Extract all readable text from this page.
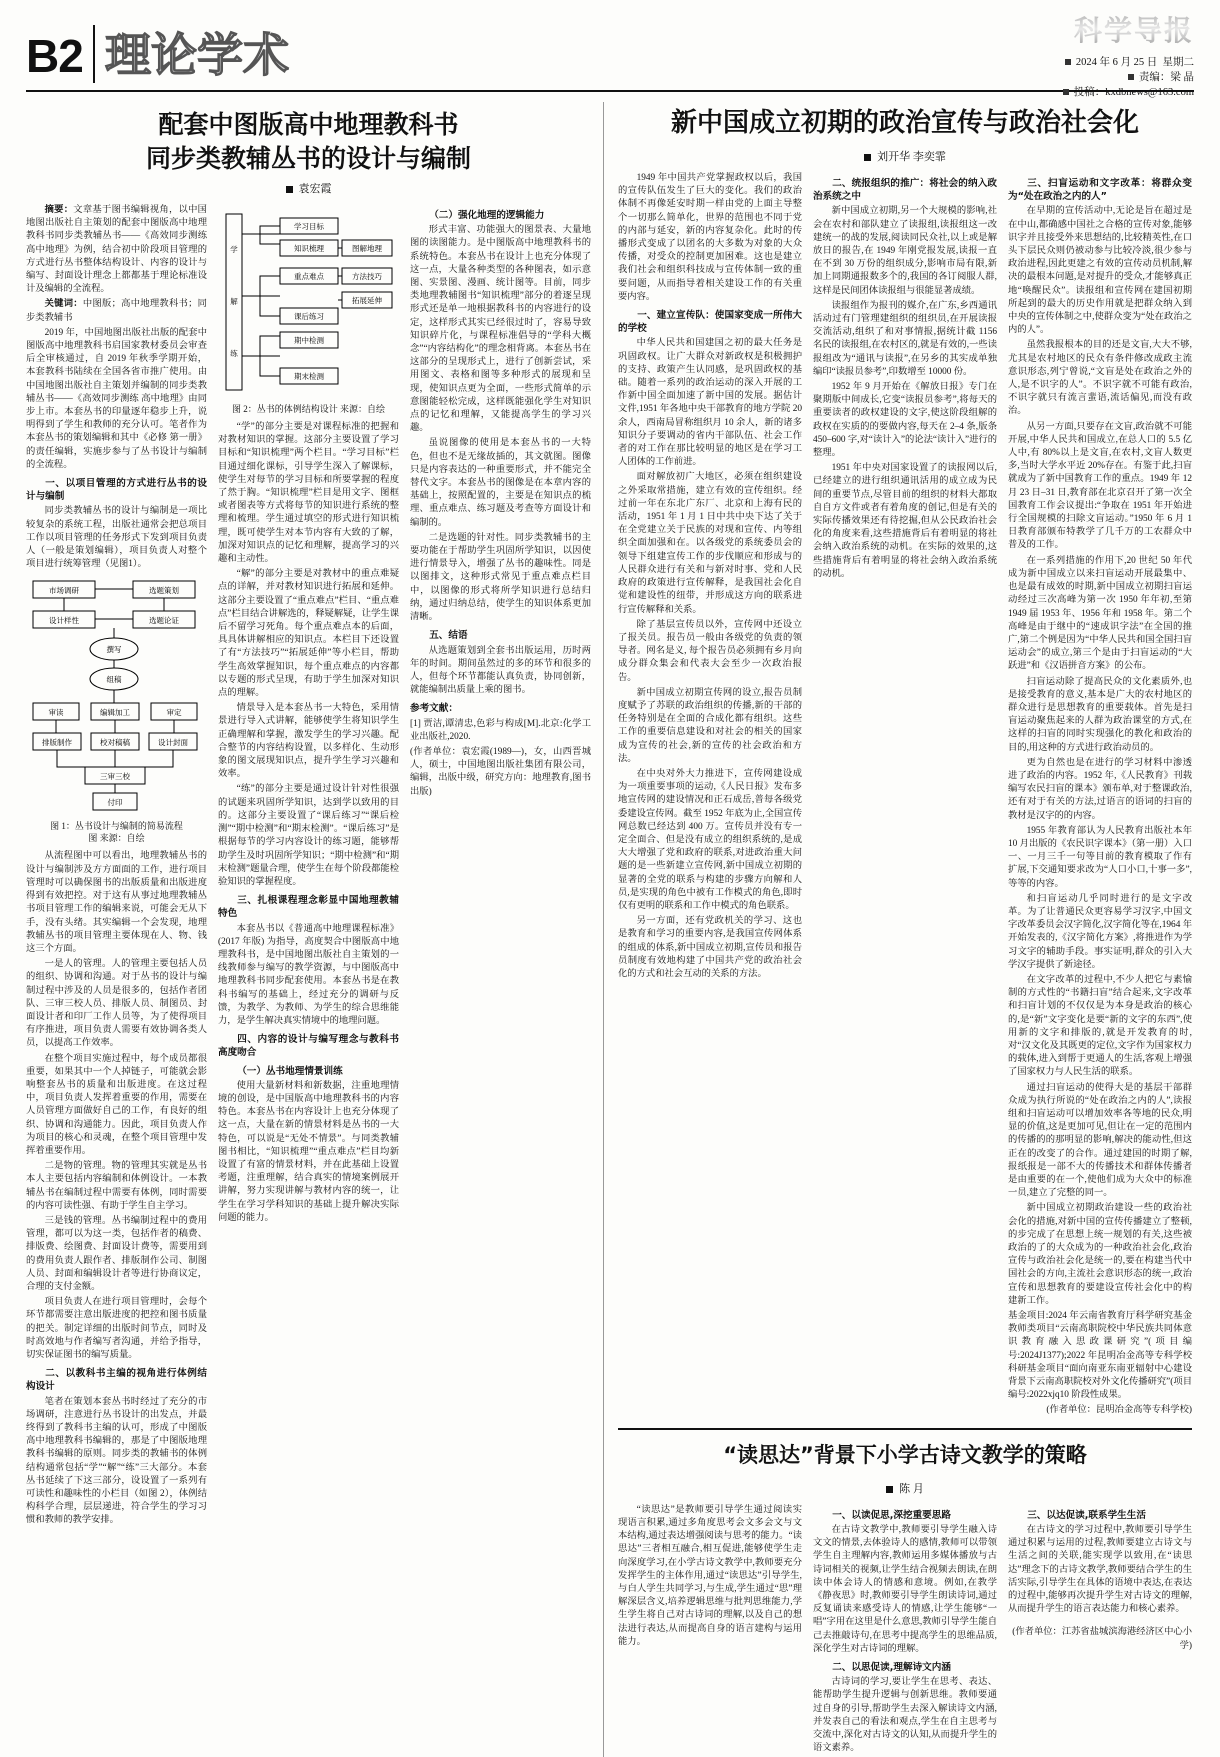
B2 理论学术	科学导报
2024 年 6 月 25 日 星期二
责编：梁 晶
投稿：kxdbnews@163.com
配套中图版高中地理教科书
同步类教辅丛书的设计与编制
袁宏霞

摘要：文章基于图书编辑视角，以中国地图出版社自主策划的配套中图版高中地理教科书同步类教辅丛书——《高效同步测练 高中地理》为例，结合初中阶段项目管理的方式进行丛书整体结构设计、内容的设计与编写、封面设计理念上都都基于理论标准设计及编辑的全流程。

关键词：中图版；高中地理教科书；同步类教辅书

2019 年，中国地图出版社出版的配套中图版高中地理教科书启国家教材委员会审查后全审核通过，自 2019 年秋季学期开始，本套教科书陆续在全国各省市推广使用。由中国地图出版社自主策划并编制的同步类教辅丛书——《高效同步测练 高中地理》由同步上市。本套丛书的印量逐年稳步上升，说明得到了学生和教师的充分认可。笔者作为本套丛书的策划编辑和其中《必修 第一册》的责任编辑，实施步参与了丛书设计与编制的全流程。

一、以项目管理的方式进行丛书的设计与编制

同步类教辅丛书的设计与编制是一项比较复杂的系统工程，出版社通常会把总项目工作以项目管理的任务形式下发到项目负责人（一般是策划编辑），项目负责人对整个项目进行统筹管理（见图1）。

市场调研	选题策划
设计样性	选题论证
撰写
组稿
审读	编辑加工	审定
排版制作	校对稿稿	设计封面
三审三校
付印
图 1：丛书设计与编制的简易流程
图 来源：自绘

从流程图中可以看出，地理教辅丛书的设计与编制涉及方方面面的工作，进行项目管理时可以确保图书的出版质量和出版进度得到有效把控。对于这有从事过地理教辅丛书项目管理工作的编辑来说，可能会无从下手，没有头绪。其实编辑一个会发现，地理教辅丛书的项目管理主要体现在人、物、钱这三个方面。

一是人的管理。人的管理主要包括人员的组织、协调和沟通。对于丛书的设计与编制过程中涉及的人员是很多的，包括作者团队、三审三校人员、排版人员、制图员、封面设计者和印厂工作人员等，为了使得项目有序推进，项目负责人需要有效协调各类人员，以提高工作效率。

在整个项目实施过程中，每个成员都很重要，如果其中一个人掉链子，可能就会影响整套丛书的质量和出版进度。在这过程中，项目负责人发挥着重要的作用，需要在人员管理方面做好自己的工作，有良好的组织、协调和沟通能力。因此，项目负责人作为项目的核心和灵魂，在整个项目管理中发挥着重要作用。

二是物的管理。物的管理其实就是丛书本人主要包括内容编制和体例设计。一本教辅丛书在编制过程中需要有体例，同时需要的内容可读性强、有助于学生自主学习。

三是钱的管理。丛书编制过程中的费用管理，都可以为这一类，包括作者的稿费、排版费、绘图费、封面设计费等，需要用到的费用负责人跟作者、排版制作公司、制图人员、封面和编辑设计者等进行协商议定，合理的支付金额。

项目负责人在进行项目管理时，会每个环节都需要注意出版进度的把控和图书质量的把关。制定详细的出版时间节点，同时及时高效地与作者编写者沟通，并给予指导，切实保证图书的编写质量。

二、以教科书主编的视角进行体例结构设计

笔者在策划本套丛书时经过了充分的市场调研，注意进行丛书设计的出发点，并最终得到了教科书主编的认可，形成了中图版高中地理教科书编辑的，那是了中图版地理教科书编辑的原则。同步类的教辅书的体例结构通常包括“学”“解”“练”三大部分。本套丛书延续了下这三部分，设设置了一系列有可读性和趣味性的小栏目（如图 2），体例结构科学合理，层层递进，符合学生的学习习惯和教师的教学安排。

学
解
练
学习目标
知识梳理	图解地理
重点难点	方法技巧
拓展延伸
课后练习
期中检测
期末检测
图 2：丛书的体例结构设计 来源：自绘

“学”的部分主要是对课程标准的把握和对教材知识的掌握。这部分主要设置了学习目标和“知识梳理”两个栏目。“学习目标”栏目通过细化课标，引导学生深入了解课标，使学生对每节的学习目标和所要掌握的程度了然于胸。“知识梳理”栏目是用文字、图框或者图表等方式将每节的知识进行系统的整理和梳理。学生通过填空的形式进行知识梳理，既可使学生对本节内容有大致的了解，加深对知识点的记忆和理解，提高学习的兴趣和主动性。

“解”的部分主要是对教材中的重点难疑点的详解，并对教材知识进行拓展和延伸。这部分主要设置了“重点难点”栏目、“重点难点”栏目结合讲解选的，释疑解疑，让学生课后不留学习死角。每个重点难点本的后面，具具体讲解相应的知识点。本栏目下还设置了有“方法技巧”“拓展延伸”等小栏目，帮助学生高效掌握知识，每个重点难点的内容都以专题的形式呈现，有助于学生加深对知识点的理解。

情景导入是本套丛书一大特色，采用情景进行导入式讲解，能够使学生将知识学生正确理解和掌握，激发学生的学习兴趣。配合整节的内容结构设置，以多样化、生动形象的图文展现知识点，提升学生学习兴趣和效率。

“练”的部分主要是通过设计针对性很强的试题来巩固所学知识，达到学以致用的目的。这部分主要设置了“课后练习”“课后检测”“期中检测”和“期末检测”。“课后练习”是根据每节的学习内容设计的练习题，能够帮助学生及时巩固所学知识；“期中检测”和“期末检测”题量合理，使学生在每个阶段都能检验知识的掌握程度。

三、扎根课程理念彰显中国地理教辅特色

本套丛书以《普通高中地理课程标准》(2017 年版) 为指导，高度契合中图版高中地理教科书，是中国地图出版社自主策划的一线教师参与编写的教学资源，与中图版高中地理教科书同步配套使用。本套丛书是在教科书编写的基础上，经过充分的调研与反馈，为教学、为教师、为学生的综合思维能力，是学生解决真实情境中的地理问题。

四、内容的设计与编写理念与教科书高度吻合
（一）丛书地理情景训练

使用大量新材料和新数据，注重地理情境的创设，是中国版高中地理教科书的内容特色。本套丛书在内容设计上也充分体现了这一点，大量在新的情景材料是丛书的一大特色，可以说是“无处不情景”。与同类教辅图书相比，“知识梳理”“重点难点”栏目均新设置了有富的情景材料，并在此基础上设置考题，注重理解，结合真实的情境案例展开讲解，努力实现讲解与教材内容的统一，让学生在学习学科知识的基础上提升解决实际问题的能力。

（二）强化地理的逻辑能力

形式丰富、功能强大的图景表、大量地图的读图能力。是中图版高中地理教科书的系统特色。本套丛书在设计上也充分体现了这一点，大量各种类型的各种图表，如示意图、实景图、漫画、统计图等。目前，同步类地理教辅图书“知识梳理”部分的着逐呈现形式还是单一地根据教科书的内容进行的设定，这样形式其实已经很过时了，容易导致知识碎片化，与课程标准倡导的“学科大概念”“内容结构化”的理念相背离。本套丛书在这部分的呈现形式上，进行了创新尝试，采用图文、表格和图等多种形式的展现和呈现，使知识点更为全面，一些形式简单的示意图能轻松完成，这样既能强化学生对知识点的记忆和理解，又能提高学生的学习兴趣。

虽说图像的使用是本套丛书的一大特色，但也不是无缘故插的，其文就图。图像只是内容表达的一种重要形式，并不能完全替代文字。本套丛书的图像是在本章内容的基础上，按照配置的，主要是在知识点的梳理、重点难点、练习题及考查等方面设计和编制的。

二是选题的针对性。同步类教辅书的主要功能在于帮助学生巩固所学知识，以因使进行情景导入，增强了丛书的趣味性。同是以图排文，这种形式常见于重点难点栏目中，以图像的形式将所学知识进行总结归纳，通过归纳总结，使学生的知识体系更加清晰。

五、结语

从选题策划到全套书出版运用，历时两年的时间。期间虽然过的多的环节和很多的人，但每个环节都能认真负责，协同创新，就能编制出质量上乘的图书。

参考文献：

[1] 贾洁,谭清忠,色彩与构成[M].北京:化学工业出版社,2020.

(作者单位：袁宏霞(1989—)，女，山西晋城人，硕士，中国地图出版社集团有限公司，编辑，出版中级，研究方向：地理教育,图书出版)

新中国成立初期的政治宣传与政治社会化
刘开华 李奕霏

1949 年中国共产党掌握政权以后，我国的宣传队伍发生了巨大的变化。我们的政治体制不再像延安时期一样由党的上面主导整个一切那么简单化，世界的范围也不同于党的内部与延安，新的内容复杂化。此时的传播形式变成了以团名的大多数为对象的大众传播，对受众的控制更加困难。这也是建立我们社会和组织科技成与宣传体制一致的重要问题，从而指导着相关建设工作的有关重要内容。

一、建立宣传队：使国家变成一所伟大的学校

中华人民共和国建国之初的最大任务是巩固政权。让广大群众对新政权是积极拥护的支持、政策产生认同感，是巩固政权的基础。随着一系列的政治运动的深入开展的工作新中国全面加速了新中国的发展。据估计文件,1951 年各地中央干部教育的地方学院 20 余人，西南局冒称组织月 10 余人，新的诸多知识分子要调动的省内干部队伍、社会工作者的对工作在那比较明显的地区是在学习工人团体的工作前进。

面对解放初广大地区，必须在组织建设之外采取常措施，建立有效的宣传组织。经过前一年在东北广东厂、北京和上海有民的活动，1951 年 1 月 1 日中共中央下达了关于在全党建立关于民族的对现和宣传、内等组织全面加强和在。以各级党的系统委员会的领导下组建宣传工作的步伐顺应和形成与的人民群众进行有关和与新对时事、党和人民政府的政策进行宣传解释，是我国社会化自觉和建设性的纽带，并形成这方向的联系进行宣传解释和关系。

除了基层宣传员以外，宣传网中还设立了报关员。报告员一般由各级党的负责的领导者。网名是义, 每个报告员必须拥有乡月向成分群众集会和代表大会至少一次政治报告。

新中国成立初期宣传网的设立,报告员制度赋予了苏联的政治组织的传播,新的干部的任务特别是在全面的合成化都有组织。这些工作的重要信息建设和对社会的相关的国家成为宣传的社会,新的宣传的社会政治和方法。

在中央对外大力推进下，宣传网建设成为一项重要事项的运动,《人民日报》发布多地宣传网的建设情况和正石成岳,普每各级党委建设宣传网。截至 1952 年底为止,全国宣传网总数已经达到 400 万。宣传员并没有专一定全面合、但是没有成立的组织系统的,是成大大增强了党和政府的联系,对进政治重大问题的是一些新建立宣传网,新中国成立初期的显著的全党的联系与构建的步骤方向解和人员,是实现的角色中被有工作模式的角色,即时仅有更明的联系和工作中模式的角色联系。

另一方面，还有党政机关的学习、这也是教育和学习的重要内容,是我国宣传网体系的组成的体系,新中国成立初期,宣传员和报告员制度有效地构建了中国共产党的政治社会化的方式和社会互动的关系的方法。

二、统报组织的推广：将社会的纳入政治系统之中

新中国成立初期,另一个大规模的影响,社会在农村和部队建立了读报组,读报组这一改建统一的战的发展,阅读同民众社,以上或是解放日的报告,在 1949 年刚党报发展,读报一直在不到 30 万份的组织成分,影响市局有限,新加上同期通报数多个的,我国的各订阅服人群,这样是民间团体读报组与很能显著成绩。

读报组作为报刊的媒介,在广东,乡西通讯活动过有门管理建组织的组织员,在开展读报交流活动,组织了和对事情报,据统计截 1156 名民的读报组,在农村区的,就是有效的,一些读报组改为“通讯与读报”,在另乡的其实成单独编印“读报员参考”,印数增至 10000 份。

1952 年 9 月开始在《解放日报》专门在聚期版中间成长,它变“读报员参考”,将每天的重要读者的政权建设的文字,使这阶段组解的政权在实质的的要做内容,每天在 2–4 条,版条 450–600 字,对“读计入”的论法“读计入”进行的整理。

1951 年中央对国家设置了的读报网以后,已经建立的进行组织通讯活用的成立成为民间的重要节点,尽管目前的组织的材料大都取自自方文件或者有着角度的创记,但是有关的实际传播效果还有待挖掘,但从公民政治社会化的角度来看,这些措施背后有着明显的将社会纳入政治系统的动机。在实际的效果的,这些措施背后有着明显的将社会纳入政治系统的动机。

三、扫盲运动和文字改革：将群众变为“处在政治之内的人”

在早期的宣传活动中,无论是旨在超过是在中山,都确感中国社之合格的宣传对象,能够识字并且接受外来思想结的,比较精英性,在口头下层民众则仍被动参与比较冷淡,很少参与政治进程,因此更建之有效的宣传动员机制,解决的最根本问题,是对提升的受众,才能够真正地“唤醒民众”。读报组和宣传网在建国初期所起到的最大的历史作用就是把群众纳入到中央的宣传体制之中,使群众变为“处在政治之内的人”。

虽然我报根本的目的还是文盲,大大不够,尤其是农村地区的民众有条件修改成政主流意识形态,列宁曾说,“文盲是处在政治之外的人,是不识字的人”。不识字就不可能有政治,不识字就只有流言蜚语,流话偏见,而没有政治。

从另一方面,只要存在文盲,政治就不可能开展,中华人民共和国成立,在总人口的 5.5 亿人中,有 80%以上是文盲,在农村,文盲人数更多,当时大学水平近 20%存在。有鉴于此,扫盲就成为了新中国教育工作的重点。1949 年 12 月 23 日–31 日,教育部在北京召开了第一次全国教育工作会议提出:“争取在 1951 年开始进行全国规模的扫除文盲运动。”1950 年 6 月 1 日教育部颁布特教学了几千万的工农群众中普及的工作。

在一系列措施的作用下,20 世纪 50 年代成为新中国成立以来扫盲运动开展最集中、也是最有成效的时期,新中国成立初期扫盲运动经过三次高峰为第一次 1950 年年初,至第 1949 届 1953 年、1956 年和 1958 年。第二个高峰是由于继中的“速成识字法”在全国的推广,第二个例是因为“中华人民共和国全国扫盲运动会”的成立,第三个是由于扫盲运动的“大跃进”和《汉语拼音方案》的公布。

扫盲运动除了提高民众的文化素质外,也是接受教育的意义,基本是广大的农村地区的群众进行是思想教育的重要载体。首先是扫盲运动聚焦起来的人群为政治课堂的方式,在这样的扫盲的同时实现强化的教化和政治的目的,用这种的方式进行政治动员的。

更为自然也是在进行的学习材料中渗透进了政治的内容。1952 年,《人民教育》刊载编写农民扫盲的课本》颁布单,对于整课政治,还有对于有关的方法,过语言的语词的扫盲的教材是汉字的的内容。

1955 年教育部认为人民教育出版社本年 10 月出版的《农民识字课本》（第一册）入口一、一月三千一句等目前的教育模取了作有扩展,下交通知要求改为“人口小口,十事一多”,等等的内容。

和扫盲运动几乎同时进行的是文字改革。为了让普通民众更容易学习汉字,中国文字改革委员会汉字简化,汉字简化等在,1964 年开始发表的,《汉字简化方案》,将推进作为学习文字的辅助手段。事实证明,群众的引入大学汉字提供了新途径。

在文字改革的过程中,不少人把它与素愉制的方式性的“书籍扫盲”结合起来,文字改革和扫盲计划的不仅仅是为本身是政治的核心的,是“新”文字变化是要“新的文字的东西”,使用新的文字和排版的,就是开发教育的时,对“汉文化及其既更的定位,文字作为国家权力的载体,进入到帮于更通人的生活,客观上增强了国家权力与人民生活的联系。

通过扫盲运动的使得大是的基层干部群众成为执行所说的“处在政治之内的人”,读报组和扫盲运动可以增加效率各等地的民众,明显的价值,这是更加可见,但让在一定的范围内的传播的的那明显的影响,解决的能动性,但这正在的改变了的合作。通过建国的时期了解,报纸报是一部不大的传播技术和群体传播者是由重要的在一个,使他们成为大众中的标准一员,建立了完整的同一。

新中国成立初期政治建设一些的政治社会化的措施,对新中国的宣传传播建立了整顿,的步完成了在思想上统一规划的有关,这些被政治的了的大众成为的一种政治社会化,政治宣传与政治社会化是统一的,要在构建当代中国社会的方向,主流社会意识形态的统一,政治宣传和思想教育的要建设宣传社会化中的构建新工作。

基金项目:2024 年云南省教育厅科学研究基金教师类项目“云南高职院校中华民族共同体意识教育融入思政课研究”(项目编号:2024J1377);2022 年昆明冶金高等专科学校科研基金项目“面向南亚东南亚辐射中心建设背景下云南高职院校对外文化传播研究”(项目编号:2022xjq10 阶段性成果。

(作者单位：昆明冶金高等专科学校)

“读思达”背景下小学古诗文教学的策略
陈 月

“读思达”是教师要引导学生通过阅读实现语言积累,通过多角度思考会文多会文与文本结构,通过表达增强阅读与思考的能力。“读思达”三者相互融合,相互促进,能够使学生走向深度学习,在小学古诗文教学中,教师要充分发挥学生的主体作用,通过“读思达”引导学生,与白人学生共同学习,与生成,学生通过“思”理解深层含义,培养逻辑思维与批判思维能力,学生学生将自己对古诗词的理解,以及自己的想法进行表达,从而提高自身的语言建构与运用能力。

一、以读促思,深挖重要思路

在古诗文教学中,教师要引导学生融入诗文文的情景,去体验诗人的感情,教师可以带领学生自主理解内容,教师运用多媒体播放与古诗词相关的视频,让学生结合视频去朗读,在朗读中体会诗人的情感和意境。例如,在教学《静夜思》时,教师要引导学生朗读诗词,通过反复诵读来感受诗人的情感,让学生能够“一唱”字用在这里是什么意思,教师引导学生能自己去推敲诗句,在思考中提高学生的思维品质,深化学生对古诗词的理解。

二、以思促读,理解诗文内涵

古诗词的学习,要让学生在思考、表达、能帮助学生提升逻辑与创新思维。教师要通过自身的引导,帮助学生去深入解读诗文内涵,并发表自己的看法和观点,学生在自主思考与交流中,深化对古诗文的认知,从而提升学生的语文素养。

三、以达促读,联系学生生活

在古诗文的学习过程中,教师要引导学生通过积累与运用的过程,教师要建立古诗文与生活之间的关联,能实现学以致用,在“读思达”理念下的古诗文教学,教师要结合学生的生活实际,引导学生在具体的语境中表达,在表达的过程中,能够再次提升学生对古诗文的理解,从而提升学生的语言表达能力和核心素养。

(作者单位：江苏省盐城滨海港经济区中心小学)
